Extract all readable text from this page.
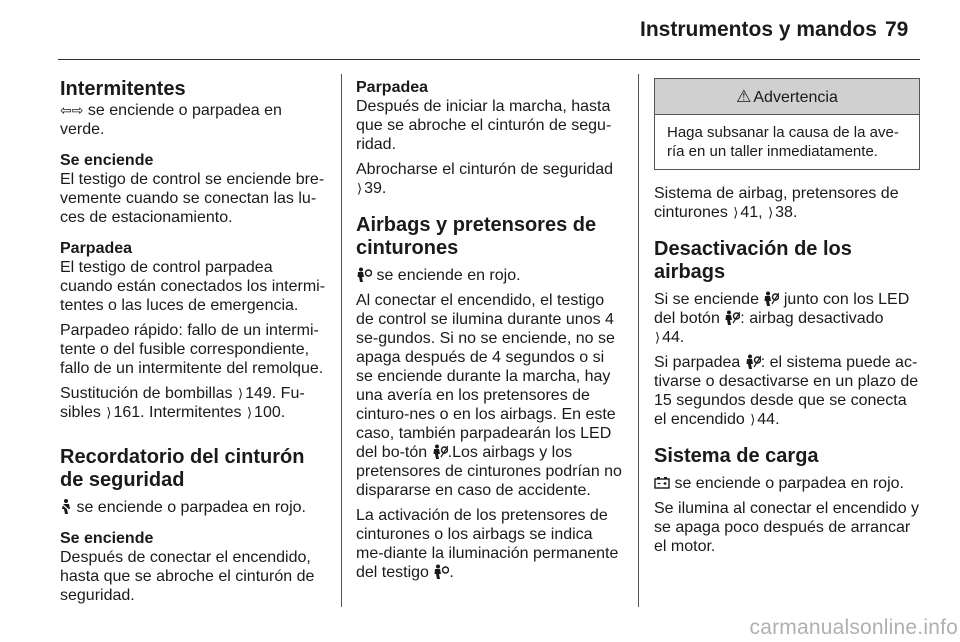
Instrumentos y mandos 79
Intermitentes
⇦⇨ se enciende o parpadea en verde.
Se enciende
El testigo de control se enciende bre-vemente cuando se conectan las lu-ces de estacionamiento.
Parpadea
El testigo de control parpadea cuando están conectados los intermi-tentes o las luces de emergencia.
Parpadeo rápido: fallo de un intermi-tente o del fusible correspondiente, fallo de un intermitente del remolque.
Sustitución de bombillas ⟩ 149. Fu-sibles ⟩ 161. Intermitentes ⟩ 100.
Recordatorio del cinturón de seguridad
se enciende o parpadea en rojo.
Se enciende
Después de conectar el encendido, hasta que se abroche el cinturón de seguridad.
Parpadea
Después de iniciar la marcha, hasta que se abroche el cinturón de segu-ridad.
Abrocharse el cinturón de seguridad ⟩ 39.
Airbags y pretensores de cinturones
se enciende en rojo.
Al conectar el encendido, el testigo de control se ilumina durante unos 4 se-gundos. Si no se enciende, no se apaga después de 4 segundos o si se enciende durante la marcha, hay una avería en los pretensores de cinturo-nes o en los airbags. En este caso, también parpadearán los LED del bo-tón .Los airbags y los pretensores de cinturones podrían no dispararse en caso de accidente.
La activación de los pretensores de cinturones o los airbags se indica me-diante la iluminación permanente del testigo .
⚠ Advertencia
Haga subsanar la causa de la ave-ría en un taller inmediatamente.
Sistema de airbag, pretensores de cinturones ⟩ 41, ⟩ 38.
Desactivación de los airbags
Si se enciende junto con los LED del botón : airbag desactivado
⟩ 44.
Si parpadea : el sistema puede ac-tivarse o desactivarse en un plazo de 15 segundos desde que se conecta el encendido ⟩ 44.
Sistema de carga
se enciende o parpadea en rojo.
Se ilumina al conectar el encendido y se apaga poco después de arrancar el motor.
carmanualsonline.info
